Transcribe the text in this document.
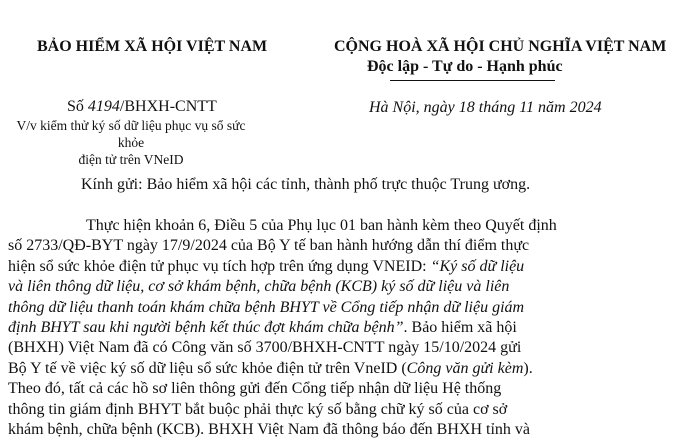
BẢO HIỂM XÃ HỘI VIỆT NAM	CỘNG HOÀ XÃ HỘI CHỦ NGHĨA VIỆT NAM
Độc lập - Tự do - Hạnh phúc
Số 4194/BHXH-CNTT	Hà Nội, ngày 18 tháng 11 năm 2024
V/v kiểm thử ký số dữ liệu phục vụ sổ sức khỏe
điện tử trên VNeID
Kính gửi: Bảo hiểm xã hội các tỉnh, thành phố trực thuộc Trung ương.
Thực hiện khoản 6, Điều 5 của Phụ lục 01 ban hành kèm theo Quyết định
số 2733/QĐ-BYT ngày 17/9/2024 của Bộ Y tế ban hành hướng dẫn thí điểm thực
hiện sổ sức khỏe điện tử phục vụ tích hợp trên ứng dụng VNEID: “Ký số dữ liệu
và liên thông dữ liệu, cơ sở khám bệnh, chữa bệnh (KCB) ký số dữ liệu và liên
thông dữ liệu thanh toán khám chữa bệnh BHYT về Cổng tiếp nhận dữ liệu giám
định BHYT sau khi người bệnh kết thúc đợt khám chữa bệnh”. Bảo hiểm xã hội
(BHXH) Việt Nam đã có Công văn số 3700/BHXH-CNTT ngày 15/10/2024 gửi
Bộ Y tế về việc ký số dữ liệu sổ sức khỏe điện tử trên VneID (Công văn gửi kèm).
Theo đó, tất cả các hồ sơ liên thông gửi đến Cổng tiếp nhận dữ liệu Hệ thống
thông tin giám định BHYT bắt buộc phải thực ký số bằng chữ ký số của cơ sở
khám bệnh, chữa bệnh (KCB). BHXH Việt Nam đã thông báo đến BHXH tỉnh và
